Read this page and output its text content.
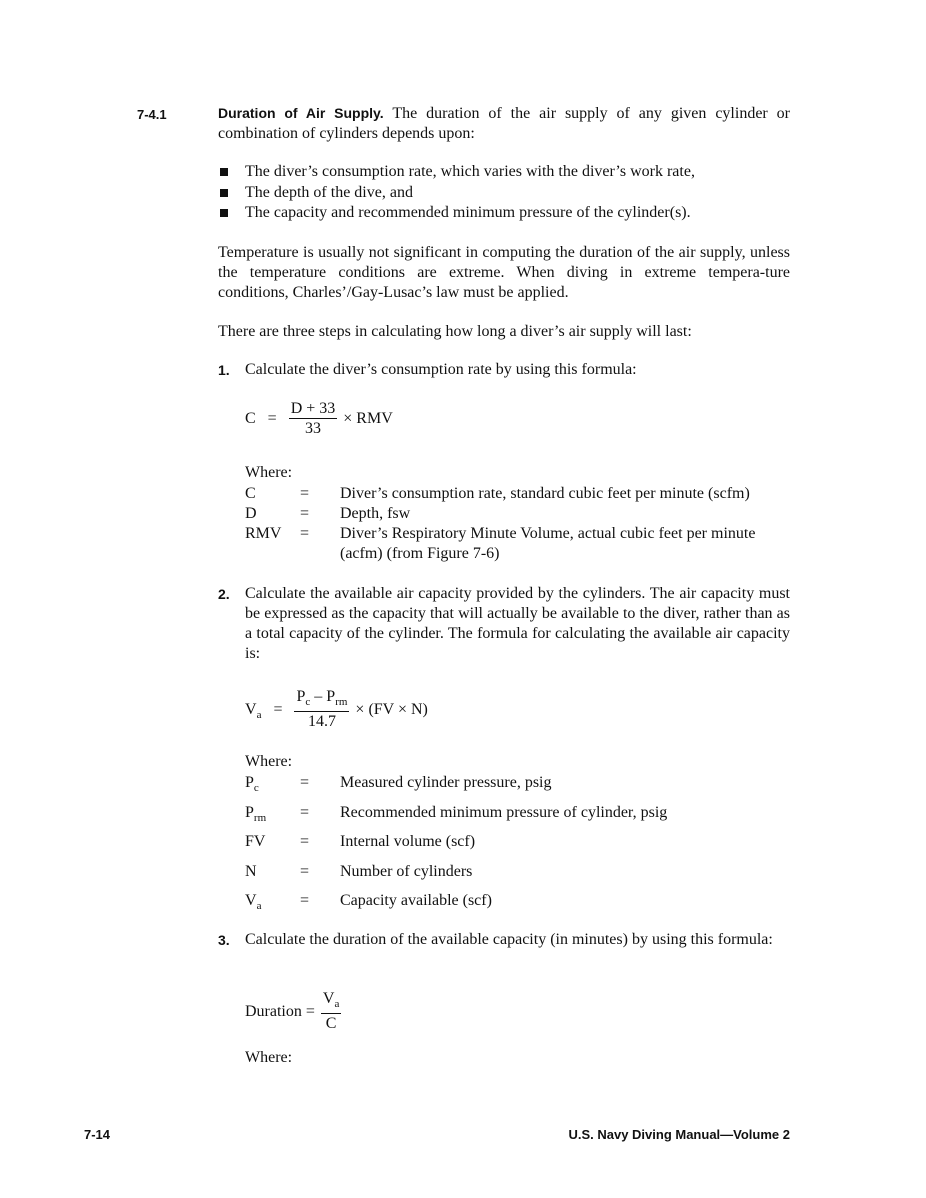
7-4.1	Duration of Air Supply. The duration of the air supply of any given cylinder or combination of cylinders depends upon:
The diver’s consumption rate, which varies with the diver’s work rate,
The depth of the dive, and
The capacity and recommended minimum pressure of the cylinder(s).
Temperature is usually not significant in computing the duration of the air supply, unless the temperature conditions are extreme. When diving in extreme tempera-ture conditions, Charles’/Gay-Lusac’s law must be applied.
There are three steps in calculating how long a diver’s air supply will last:
1. Calculate the diver’s consumption rate by using this formula:
$C = \frac{D + 33}{33}$ × RMV
Where:
C	=	Diver’s consumption rate, standard cubic feet per minute (scfm)
D	=	Depth, fsw
RMV	=	Diver’s Respiratory Minute Volume, actual cubic feet per minute (acfm) (from Figure 7-6)
2. Calculate the available air capacity provided by the cylinders. The air capacity must be expressed as the capacity that will actually be available to the diver, rather than as a total capacity of the cylinder. The formula for calculating the available air capacity is:
$V_a = \frac{P_c - P_{rm}}{14.7} \times (FV \times N)$
Where:
$P_c$	=	Measured cylinder pressure, psig
$P_{rm}$	=	Recommended minimum pressure of cylinder, psig
FV	=	Internal volume (scf)
N	=	Number of cylinders
$V_a$	=	Capacity available (scf)
3. Calculate the duration of the available capacity (in minutes) by using this formula:
Duration = $\frac{V_a}{C}$
Where:
7-14	U.S. Navy Diving Manual—Volume 2
